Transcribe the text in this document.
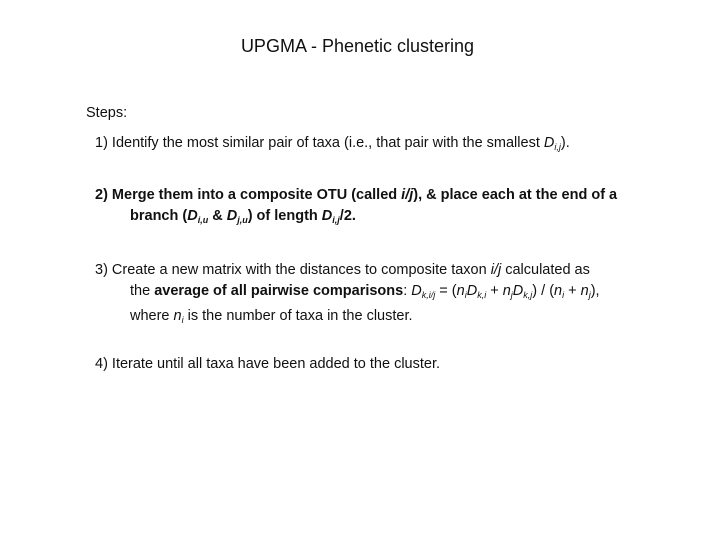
UPGMA - Phenetic clustering
Steps:
1) Identify the most similar pair of taxa (i.e., that pair with the smallest $D_{i,j}$).
2) Merge them into a composite OTU (called i/j), & place each at the end of a
branch ($D_{i,u}$ & $D_{j,u}$) of length $D_{i,j}/2$.
3) Create a new matrix with the distances to composite taxon i/j calculated as
the average of all pairwise comparisons: $D_{k,i/j} = (n_iD_{k,i} + n_jD_{k,j}) / (n_i + n_j)$,
where $n_i$ is the number of taxa in the cluster.
4) Iterate until all taxa have been added to the cluster.
